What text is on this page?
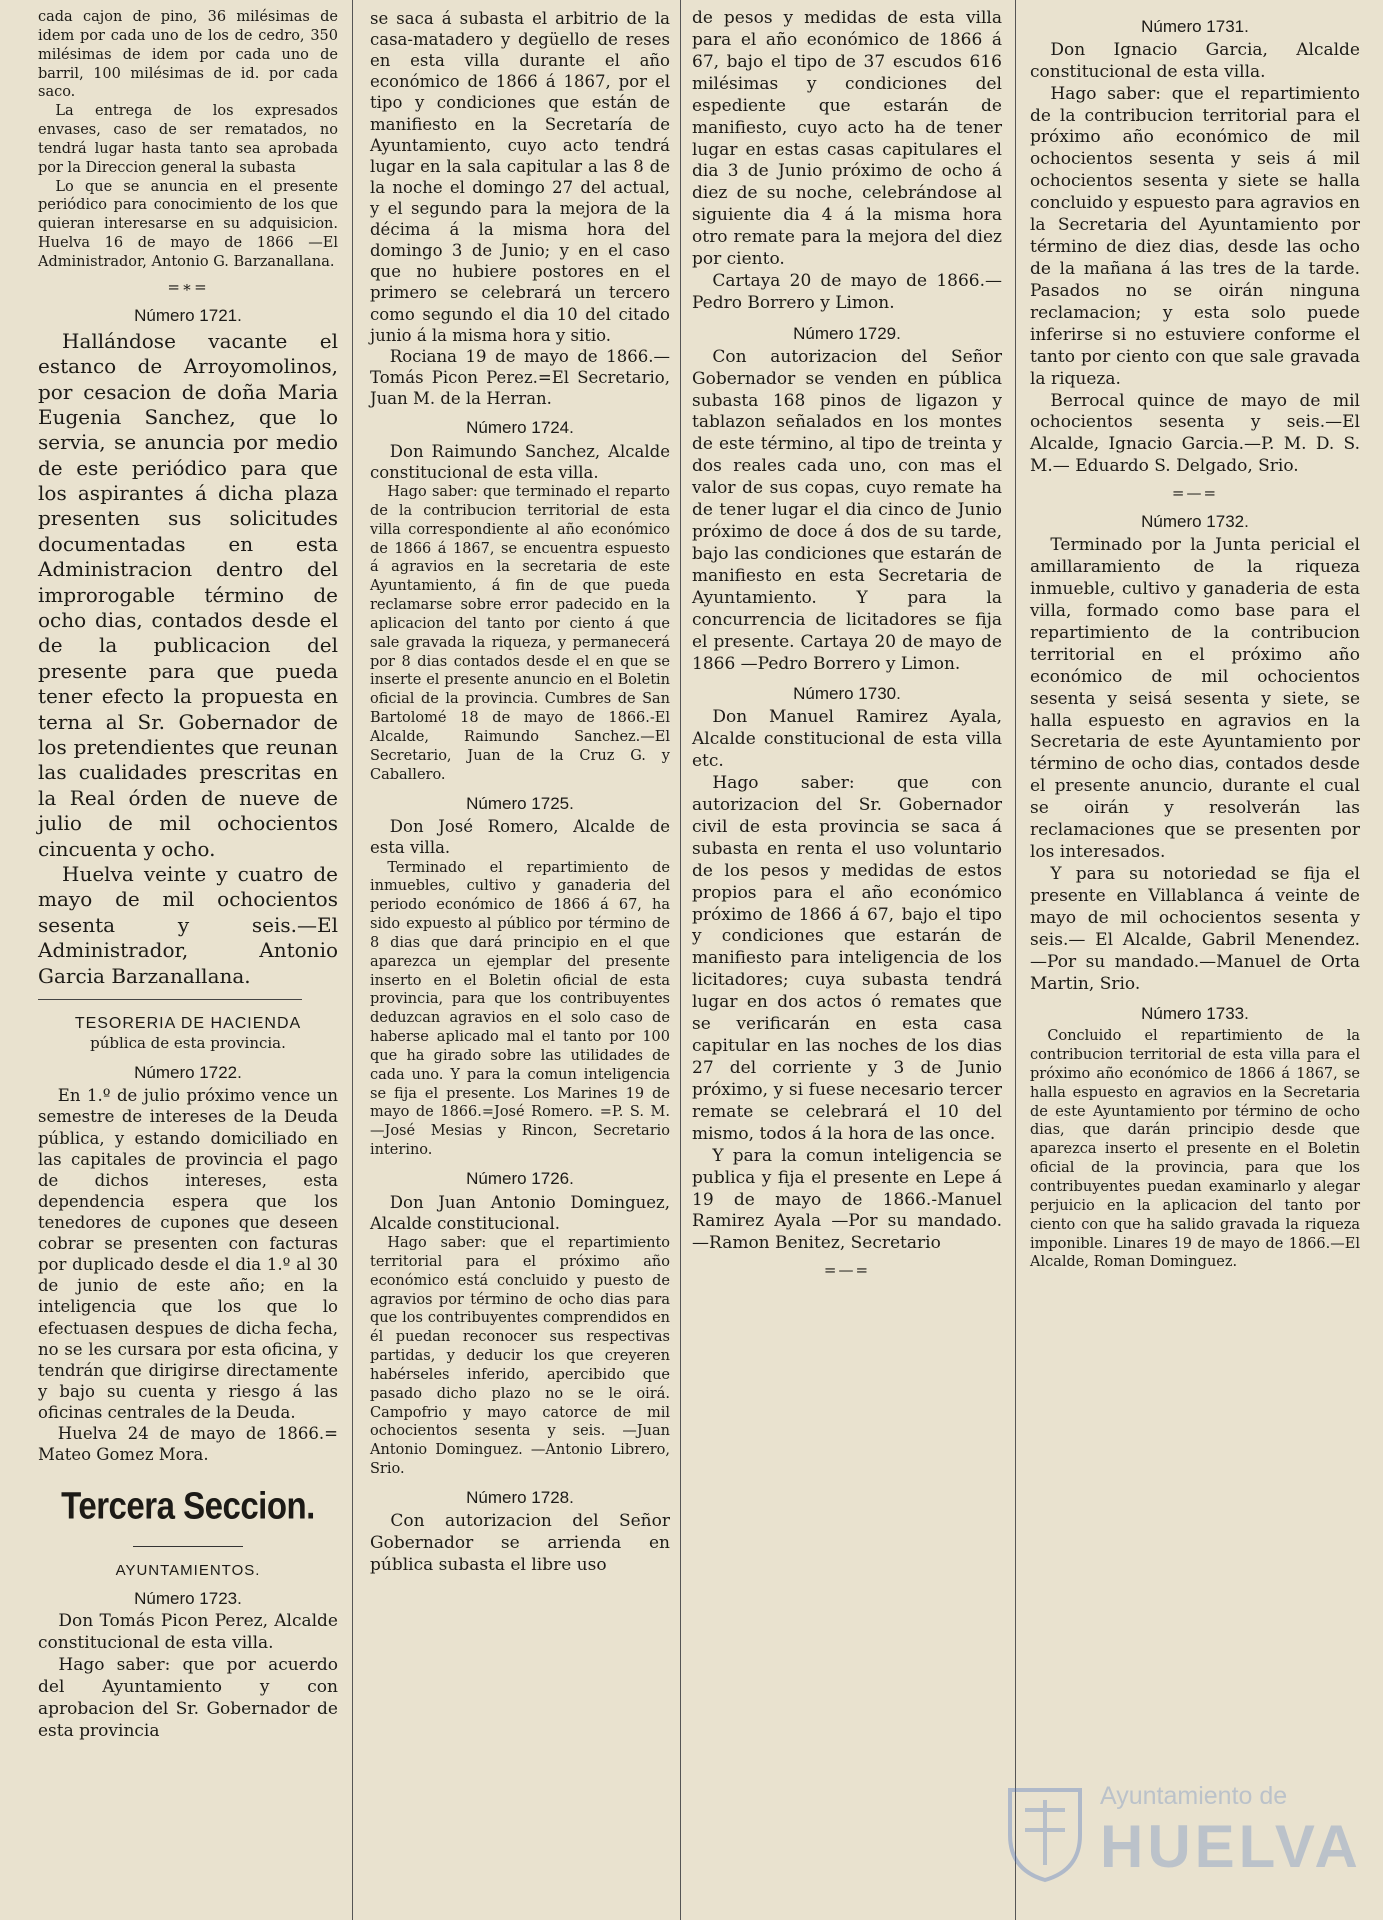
cada cajon de pino, 36 milésimas de idem por cada uno de los de cedro, 350 milésimas de idem por cada uno de barril, 100 milésimas de id. por cada saco.

La entrega de los expresados envases, caso de ser rematados, no tendrá lugar hasta tanto sea aprobada por la Direccion general la subasta

Lo que se anuncia en el presente periódico para conocimiento de los que quieran interesarse en su adquisicion. Huelva 16 de mayo de 1866 —El Administrador, Antonio G. Barzanallana.

=∗=
Número 1721.

Hallándose vacante el estanco de Arroyomolinos, por cesacion de doña Maria Eugenia Sanchez, que lo servia, se anuncia por medio de este periódico para que los aspirantes á dicha plaza presenten sus solicitudes documentadas en esta Administracion dentro del improrogable término de ocho dias, contados desde el de la publicacion del presente para que pueda tener efecto la propuesta en terna al Sr. Gobernador de los pretendientes que reunan las cualidades prescritas en la Real órden de nueve de julio de mil ochocientos cincuenta y ocho.

Huelva veinte y cuatro de mayo de mil ochocientos sesenta y seis.—El Administrador, Antonio Garcia Barzanallana.

TESORERIA DE HACIENDA
pública de esta provincia.
Número 1722.

En 1.º de julio próximo vence un semestre de intereses de la Deuda pública, y estando domiciliado en las capitales de provincia el pago de dichos intereses, esta dependencia espera que los tenedores de cupones que deseen cobrar se presenten con facturas por duplicado desde el dia 1.º al 30 de junio de este año; en la inteligencia que los que lo efectuasen despues de dicha fecha, no se les cursara por esta oficina, y tendrán que dirigirse directamente y bajo su cuenta y riesgo á las oficinas centrales de la Deuda.

Huelva 24 de mayo de 1866.= Mateo Gomez Mora.

Tercera Seccion.
AYUNTAMIENTOS.
Número 1723.

Don Tomás Picon Perez, Alcalde constitucional de esta villa.

Hago saber: que por acuerdo del Ayuntamiento y con aprobacion del Sr. Gobernador de esta provincia

se saca á subasta el arbitrio de la casa-matadero y degüello de reses en esta villa durante el año económico de 1866 á 1867, por el tipo y condiciones que están de manifiesto en la Secretaría de Ayuntamiento, cuyo acto tendrá lugar en la sala capitular a las 8 de la noche el domingo 27 del actual, y el segundo para la mejora de la décima á la misma hora del domingo 3 de Junio; y en el caso que no hubiere postores en el primero se celebrará un tercero como segundo el dia 10 del citado junio á la misma hora y sitio.

Rociana 19 de mayo de 1866.—Tomás Picon Perez.=El Secretario, Juan M. de la Herran.

Número 1724.

Don Raimundo Sanchez, Alcalde constitucional de esta villa.

Hago saber: que terminado el reparto de la contribucion territorial de esta villa correspondiente al año económico de 1866 á 1867, se encuentra espuesto á agravios en la secretaria de este Ayuntamiento, á fin de que pueda reclamarse sobre error padecido en la aplicacion del tanto por ciento á que sale gravada la riqueza, y permanecerá por 8 dias contados desde el en que se inserte el presente anuncio en el Boletin oficial de la provincia. Cumbres de San Bartolomé 18 de mayo de 1866.-El Alcalde, Raimundo Sanchez.—El Secretario, Juan de la Cruz G. y Caballero.

Número 1725.

Don José Romero, Alcalde de esta villa.

Terminado el repartimiento de inmuebles, cultivo y ganaderia del periodo económico de 1866 á 67, ha sido expuesto al público por término de 8 dias que dará principio en el que aparezca un ejemplar del presente inserto en el Boletin oficial de esta provincia, para que los contribuyentes deduzcan agravios en el solo caso de haberse aplicado mal el tanto por 100 que ha girado sobre las utilidades de cada uno. Y para la comun inteligencia se fija el presente. Los Marines 19 de mayo de 1866.=José Romero. =P. S. M. —José Mesias y Rincon, Secretario interino.

Número 1726.

Don Juan Antonio Dominguez, Alcalde constitucional.

Hago saber: que el repartimiento territorial para el próximo año económico está concluido y puesto de agravios por término de ocho dias para que los contribuyentes comprendidos en él puedan reconocer sus respectivas partidas, y deducir los que creyeren habérseles inferido, apercibido que pasado dicho plazo no se le oirá. Campofrio y mayo catorce de mil ochocientos sesenta y seis. —Juan Antonio Dominguez. —Antonio Librero, Srio.

Número 1728.

Con autorizacion del Señor Gobernador se arrienda en pública subasta el libre uso

de pesos y medidas de esta villa para el año económico de 1866 á 67, bajo el tipo de 37 escudos 616 milésimas y condiciones del espediente que estarán de manifiesto, cuyo acto ha de tener lugar en estas casas capitulares el dia 3 de Junio próximo de ocho á diez de su noche, celebrándose al siguiente dia 4 á la misma hora otro remate para la mejora del diez por ciento.

Cartaya 20 de mayo de 1866.—Pedro Borrero y Limon.

Número 1729.

Con autorizacion del Señor Gobernador se venden en pública subasta 168 pinos de ligazon y tablazon señalados en los montes de este término, al tipo de treinta y dos reales cada uno, con mas el valor de sus copas, cuyo remate ha de tener lugar el dia cinco de Junio próximo de doce á dos de su tarde, bajo las condiciones que estarán de manifiesto en esta Secretaria de Ayuntamiento. Y para la concurrencia de licitadores se fija el presente. Cartaya 20 de mayo de 1866 —Pedro Borrero y Limon.

Número 1730.

Don Manuel Ramirez Ayala, Alcalde constitucional de esta villa etc.

Hago saber: que con autorizacion del Sr. Gobernador civil de esta provincia se saca á subasta en renta el uso voluntario de los pesos y medidas de estos propios para el año económico próximo de 1866 á 67, bajo el tipo y condiciones que estarán de manifiesto para inteligencia de los licitadores; cuya subasta tendrá lugar en dos actos ó remates que se verificarán en esta casa capitular en las noches de los dias 27 del corriente y 3 de Junio próximo, y si fuese necesario tercer remate se celebrará el 10 del mismo, todos á la hora de las once.

Y para la comun inteligencia se publica y fija el presente en Lepe á 19 de mayo de 1866.-Manuel Ramirez Ayala —Por su mandado. —Ramon Benitez, Secretario

=—=
Número 1731.

Don Ignacio Garcia, Alcalde constitucional de esta villa.

Hago saber: que el repartimiento de la contribucion territorial para el próximo año económico de mil ochocientos sesenta y seis á mil ochocientos sesenta y siete se halla concluido y espuesto para agravios en la Secretaria del Ayuntamiento por término de diez dias, desde las ocho de la mañana á las tres de la tarde. Pasados no se oirán ninguna reclamacion; y esta solo puede inferirse si no estuviere conforme el tanto por ciento con que sale gravada la riqueza.

Berrocal quince de mayo de mil ochocientos sesenta y seis.—El Alcalde, Ignacio Garcia.—P. M. D. S. M.— Eduardo S. Delgado, Srio.

=—=
Número 1732.

Terminado por la Junta pericial el amillaramiento de la riqueza inmueble, cultivo y ganaderia de esta villa, formado como base para el repartimiento de la contribucion territorial en el próximo año económico de mil ochocientos sesenta y seisá sesenta y siete, se halla espuesto en agravios en la Secretaria de este Ayuntamiento por término de ocho dias, contados desde el presente anuncio, durante el cual se oirán y resolverán las reclamaciones que se presenten por los interesados.

Y para su notoriedad se fija el presente en Villablanca á veinte de mayo de mil ochocientos sesenta y seis.— El Alcalde, Gabril Menendez. —Por su mandado.—Manuel de Orta Martin, Srio.

Número 1733.

Concluido el repartimiento de la contribucion territorial de esta villa para el próximo año económico de 1866 á 1867, se halla espuesto en agravios en la Secretaria de este Ayuntamiento por término de ocho dias, que darán principio desde que aparezca inserto el presente en el Boletin oficial de la provincia, para que los contribuyentes puedan examinarlo y alegar perjuicio en la aplicacion del tanto por ciento con que ha salido gravada la riqueza imponible. Linares 19 de mayo de 1866.—El Alcalde, Roman Dominguez.

Ayuntamiento de
HUELVA
